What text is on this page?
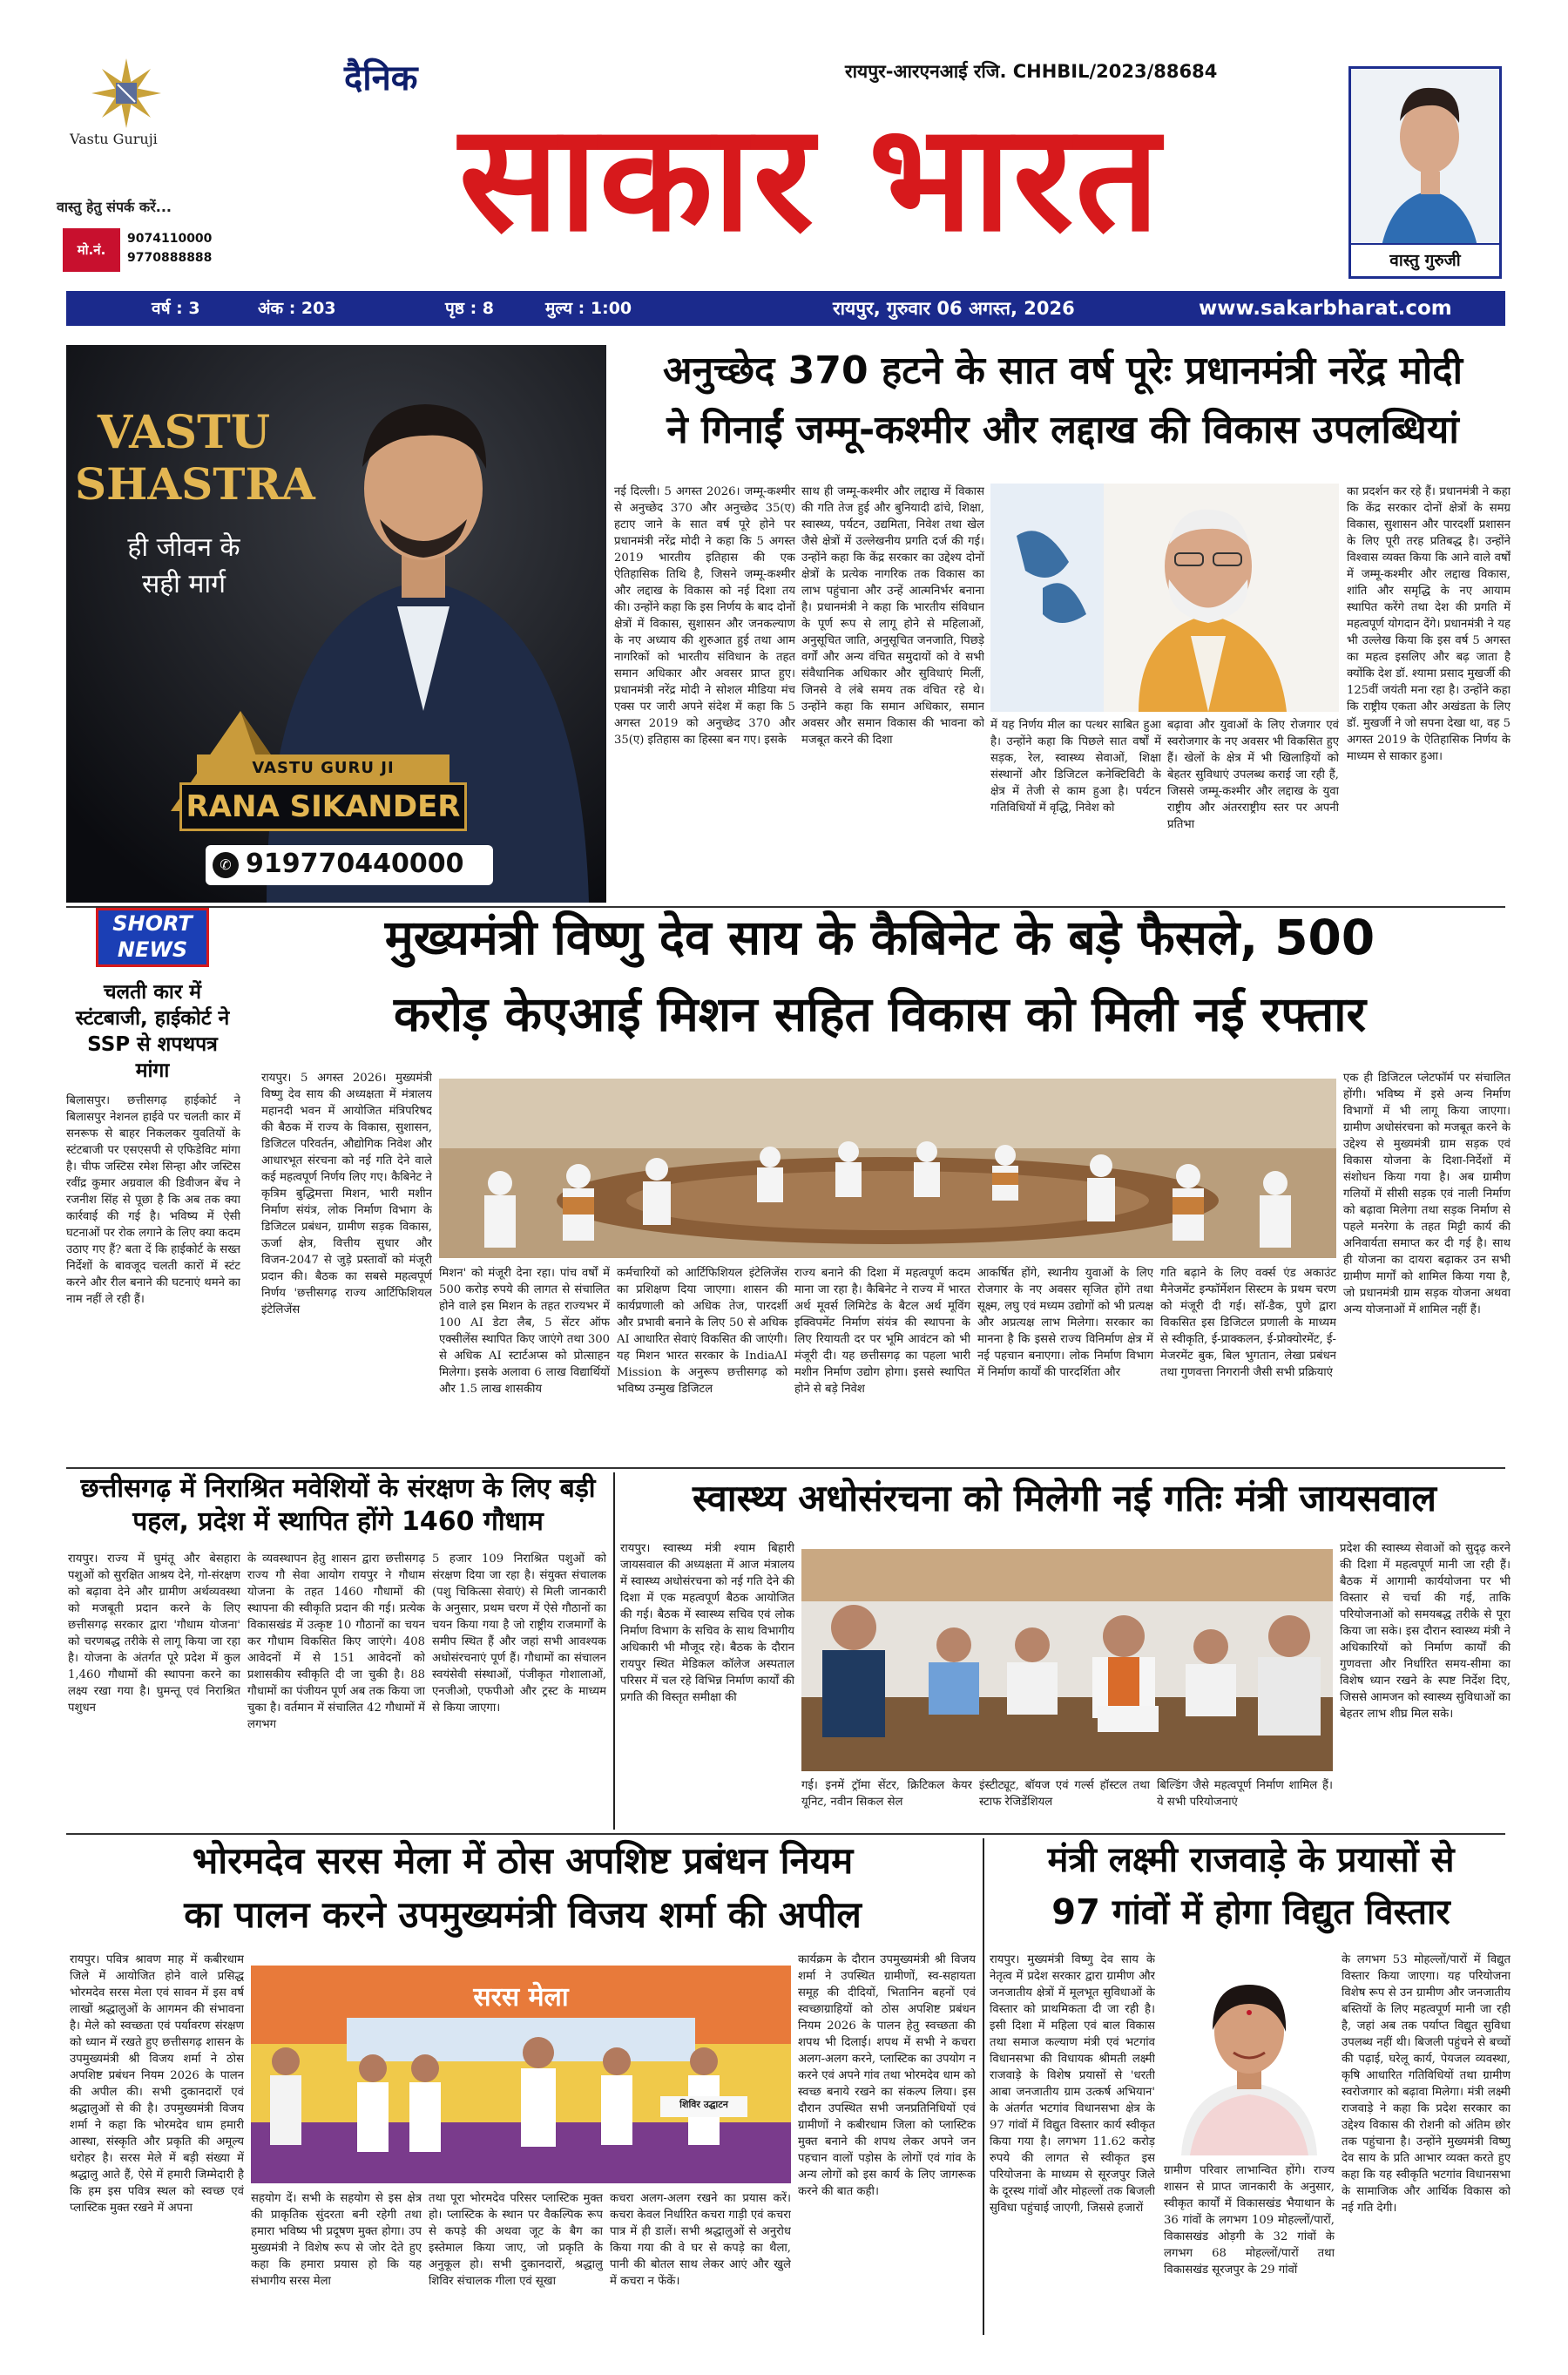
Vastu Guruji
वास्तु हेतु संपर्क करें...
मो.नं.
9074110000
9770888888
दैनिक
साकार भारत
रायपुर-आरएनआई रजि. CHHBIL/2023/88684
वास्तु गुरुजी
वर्ष : 3	अंक : 203	पृष्ठ : 8	मुल्य : 1:00	रायपुर, गुरुवार 06 अगस्त, 2026	www.sakarbharat.com
VASTU
SHASTRA
ही जीवन के
सही मार्ग
VASTU GURU JI
RANA SIKANDER
✆ 91977044000​0
अनुच्छेद 370 हटने के सात वर्ष पूरेः प्रधानमंत्री नरेंद्र मोदी
ने गिनाईं जम्मू-कश्मीर और लद्दाख की विकास उपलब्धियां
नई दिल्ली। 5 अगस्त 2026। जम्मू-कश्मीर से अनुच्छेद 370 और अनुच्छेद 35(ए) हटाए जाने के सात वर्ष पूरे होने पर प्रधानमंत्री नरेंद्र मोदी ने कहा कि 5 अगस्त 2019 भारतीय इतिहास की एक ऐतिहासिक तिथि है, जिसने जम्मू-कश्मीर और लद्दाख के विकास को नई दिशा तय की। उन्होंने कहा कि इस निर्णय के बाद दोनों क्षेत्रों में विकास, सुशासन और जनकल्याण के नए अध्याय की शुरुआत हुई तथा आम नागरिकों को भारतीय संविधान के तहत समान अधिकार और अवसर प्राप्त हुए। प्रधानमंत्री नरेंद्र मोदी ने सोशल मीडिया मंच एक्स पर जारी अपने संदेश में कहा कि 5 अगस्त 2019 को अनुच्छेद 370 और 35(ए) इतिहास का हिस्सा बन गए। इसके
साथ ही जम्मू-कश्मीर और लद्दाख में विकास की गति तेज हुई और बुनियादी ढांचे, शिक्षा, स्वास्थ्य, पर्यटन, उद्यमिता, निवेश तथा खेल जैसे क्षेत्रों में उल्लेखनीय प्रगति दर्ज की गई। उन्होंने कहा कि केंद्र सरकार का उद्देश्य दोनों क्षेत्रों के प्रत्येक नागरिक तक विकास का लाभ पहुंचाना और उन्हें आत्मनिर्भर बनाना है। प्रधानमंत्री ने कहा कि भारतीय संविधान के पूर्ण रूप से लागू होने से महिलाओं, अनुसूचित जाति, अनुसूचित जनजाति, पिछड़े वर्गों और अन्य वंचित समुदायों को वे सभी संवैधानिक अधिकार और सुविधाएं मिलीं, जिनसे वे लंबे समय तक वंचित रहे थे। उन्होंने कहा कि समान अधिकार, समान अवसर और समान विकास की भावना को मजबूत करने की दिशा
में यह निर्णय मील का पत्थर साबित हुआ है। उन्होंने कहा कि पिछले सात वर्षों में सड़क, रेल, स्वास्थ्य सेवाओं, शिक्षा संस्थानों और डिजिटल कनेक्टिविटी के क्षेत्र में तेजी से काम हुआ है। पर्यटन गतिविधियों में वृद्धि, निवेश को
बढ़ावा और युवाओं के लिए रोजगार एवं स्वरोजगार के नए अवसर भी विकसित हुए हैं। खेलों के क्षेत्र में भी खिलाड़ियों को बेहतर सुविधाएं उपलब्ध कराई जा रही हैं, जिससे जम्मू-कश्मीर और लद्दाख के युवा राष्ट्रीय और अंतरराष्ट्रीय स्तर पर अपनी प्रतिभा
का प्रदर्शन कर रहे हैं। प्रधानमंत्री ने कहा कि केंद्र सरकार दोनों क्षेत्रों के समग्र विकास, सुशासन और पारदर्शी प्रशासन के लिए पूरी तरह प्रतिबद्ध है। उन्होंने विश्वास व्यक्त किया कि आने वाले वर्षों में जम्मू-कश्मीर और लद्दाख विकास, शांति और समृद्धि के नए आयाम स्थापित करेंगे तथा देश की प्रगति में महत्वपूर्ण योगदान देंगे। प्रधानमंत्री ने यह भी उल्लेख किया कि इस वर्ष 5 अगस्त का महत्व इसलिए और बढ़ जाता है क्योंकि देश डॉ. श्यामा प्रसाद मुखर्जी की 125वीं जयंती मना रहा है। उन्होंने कहा कि राष्ट्रीय एकता और अखंडता के लिए डॉ. मुखर्जी ने जो सपना देखा था, वह 5 अगस्त 2019 के ऐतिहासिक निर्णय के माध्यम से साकार हुआ।
SHORT
NEWS
चलती कार में स्टंटबाजी, हाईकोर्ट ने SSP से शपथपत्र मांगा
बिलासपुर। छत्तीसगढ़ हाईकोर्ट ने बिलासपुर नेशनल हाईवे पर चलती कार में सनरूफ से बाहर निकलकर युवतियों के स्टंटबाजी पर एसएसपी से एफिडेविट मांगा है। चीफ जस्टिस रमेश सिन्हा और जस्टिस रवींद्र कुमार अग्रवाल की डिवीजन बेंच ने रजनीश सिंह से पूछा है कि अब तक क्या कार्रवाई की गई है। भविष्य में ऐसी घटनाओं पर रोक लगाने के लिए क्या कदम उठाए गए हैं? बता दें कि हाईकोर्ट के सख्त निर्देशों के बावजूद चलती कारों में स्टंट करने और रील बनाने की घटनाएं थमने का नाम नहीं ले रही हैं।
मुख्यमंत्री विष्णु देव साय के कैबिनेट के बड़े फैसले, 500
करोड़ केएआई मिशन सहित विकास को मिली नई रफ्तार
रायपुर। 5 अगस्त 2026। मुख्यमंत्री विष्णु देव साय की अध्यक्षता में मंत्रालय महानदी भवन में आयोजित मंत्रिपरिषद की बैठक में राज्य के विकास, सुशासन, डिजिटल परिवर्तन, औद्योगिक निवेश और आधारभूत संरचना को नई गति देने वाले कई महत्वपूर्ण निर्णय लिए गए। कैबिनेट ने कृत्रिम बुद्धिमत्ता मिशन, भारी मशीन निर्माण संयंत्र, लोक निर्माण विभाग के डिजिटल प्रबंधन, ग्रामीण सड़क विकास, ऊर्जा क्षेत्र, वित्तीय सुधार और विजन-2047 से जुड़े प्रस्तावों को मंजूरी प्रदान की। बैठक का सबसे महत्वपूर्ण निर्णय 'छत्तीसगढ़ राज्य आर्टिफिशियल इंटेलिजेंस
मिशन' को मंजूरी देना रहा। पांच वर्षों में 500 करोड़ रुपये की लागत से संचालित होने वाले इस मिशन के तहत राज्यभर में 100 AI डेटा लैब, 5 सेंटर ऑफ एक्सीलेंस स्थापित किए जाएंगे तथा 300 से अधिक AI स्टार्टअप्स को प्रोत्साहन मिलेगा। इसके अलावा 6 लाख विद्यार्थियों और 1.5 लाख शासकीय
कर्मचारियों को आर्टिफिशियल इंटेलिजेंस का प्रशिक्षण दिया जाएगा। शासन की कार्यप्रणाली को अधिक तेज, पारदर्शी और प्रभावी बनाने के लिए 50 से अधिक AI आधारित सेवाएं विकसित की जाएंगी। यह मिशन भारत सरकार के IndiaAI Mission के अनुरूप छत्तीसगढ़ को भविष्य उन्मुख डिजिटल
राज्य बनाने की दिशा में महत्वपूर्ण कदम माना जा रहा है। कैबिनेट ने राज्य में भारत अर्थ मूवर्स लिमिटेड के बैटल अर्थ मूविंग इक्विपमेंट निर्माण संयंत्र की स्थापना के लिए रियायती दर पर भूमि आवंटन को भी मंजूरी दी। यह छत्तीसगढ़ का पहला भारी मशीन निर्माण उद्योग होगा। इससे स्थापित होने से बड़े निवेश
आकर्षित होंगे, स्थानीय युवाओं के लिए रोजगार के नए अवसर सृजित होंगे तथा सूक्ष्म, लघु एवं मध्यम उद्योगों को भी प्रत्यक्ष और अप्रत्यक्ष लाभ मिलेगा। सरकार का मानना है कि इससे राज्य विनिर्माण क्षेत्र में नई पहचान बनाएगा। लोक निर्माण विभाग में निर्माण कार्यों की पारदर्शिता और
गति बढ़ाने के लिए वर्क्स एंड अकाउंट मैनेजमेंट इन्फॉर्मेशन सिस्टम के प्रथम चरण को मंजूरी दी गई। सॉ-डैक, पुणे द्वारा विकसित इस डिजिटल प्रणाली के माध्यम से स्वीकृति, ई-प्राक्कलन, ई-प्रोक्योरमेंट, ई-मेजरमेंट बुक, बिल भुगतान, लेखा प्रबंधन तथा गुणवत्ता निगरानी जैसी सभी प्रक्रियाएं
एक ही डिजिटल प्लेटफॉर्म पर संचालित होंगी। भविष्य में इसे अन्य निर्माण विभागों में भी लागू किया जाएगा। ग्रामीण अधोसंरचना को मजबूत करने के उद्देश्य से मुख्यमंत्री ग्राम सड़क एवं विकास योजना के दिशा-निर्देशों में संशोधन किया गया है। अब ग्रामीण गलियों में सीसी सड़क एवं नाली निर्माण को बढ़ावा मिलेगा तथा सड़क निर्माण से पहले मनरेगा के तहत मिट्टी कार्य की अनिवार्यता समाप्त कर दी गई है। साथ ही योजना का दायरा बढ़ाकर उन सभी ग्रामीण मार्गों को शामिल किया गया है, जो प्रधानमंत्री ग्राम सड़क योजना अथवा अन्य योजनाओं में शामिल नहीं हैं।
छत्तीसगढ़ में निराश्रित मवेशियों के संरक्षण के लिए बड़ी पहल, प्रदेश में स्थापित होंगे 1460 गौधाम
रायपुर। राज्य में घुमंतू और बेसहारा पशुओं को सुरक्षित आश्रय देने, गो-संरक्षण को बढ़ावा देने और ग्रामीण अर्थव्यवस्था को मजबूती प्रदान करने के लिए छत्तीसगढ़ सरकार द्वारा 'गौधाम योजना' को चरणबद्ध तरीके से लागू किया जा रहा है। योजना के अंतर्गत पूरे प्रदेश में कुल 1,460 गौधामों की स्थापना करने का लक्ष्य रखा गया है। घुमन्तू एवं निराश्रित पशुधन
के व्यवस्थापन हेतु शासन द्वारा छत्तीसगढ़ राज्य गौ सेवा आयोग रायपुर ने गौधाम योजना के तहत 1460 गौधामों की स्थापना की स्वीकृति प्रदान की गई। प्रत्येक विकासखंड में उत्कृष्ट 10 गौठानों का चयन कर गौधाम विकसित किए जाएंगे। 408 आवेदनों में से 151 आवेदनों को प्रशासकीय स्वीकृति दी जा चुकी है। 88 गौधामों का पंजीयन पूर्ण अब तक किया जा चुका है। वर्तमान में संचालित 42 गौधामों में लगभग
5 हजार 109 निराश्रित पशुओं को संरक्षण दिया जा रहा है। संयुक्त संचालक (पशु चिकित्सा सेवाएं) से मिली जानकारी के अनुसार, प्रथम चरण में ऐसे गौठानों का चयन किया गया है जो राष्ट्रीय राजमार्गों के समीप स्थित हैं और जहां सभी आवश्यक अधोसंरचनाएं पूर्ण हैं। गौधामों का संचालन स्वयंसेवी संस्थाओं, पंजीकृत गोशालाओं, एनजीओ, एफपीओ और ट्रस्ट के माध्यम से किया जाएगा।
स्वास्थ्य अधोसंरचना को मिलेगी नई गतिः मंत्री जायसवाल
रायपुर। स्वास्थ्य मंत्री श्याम बिहारी जायसवाल की अध्यक्षता में आज मंत्रालय में स्वास्थ्य अधोसंरचना को नई गति देने की दिशा में एक महत्वपूर्ण बैठक आयोजित की गई। बैठक में स्वास्थ्य सचिव एवं लोक निर्माण विभाग के सचिव के साथ विभागीय अधिकारी भी मौजूद रहे। बैठक के दौरान रायपुर स्थित मेडिकल कॉलेज अस्पताल परिसर में चल रहे विभिन्न निर्माण कार्यों की प्रगति की विस्तृत समीक्षा की
गई। इनमें ट्रॉमा सेंटर, क्रिटिकल केयर यूनिट, नवीन सिकल सेल
इंस्टीट्यूट, बॉयज एवं गर्ल्स हॉस्टल तथा स्टाफ रेजिडेंशियल
बिल्डिंग जैसे महत्वपूर्ण निर्माण शामिल हैं। ये सभी परियोजनाएं
प्रदेश की स्वास्थ्य सेवाओं को सुदृढ़ करने की दिशा में महत्वपूर्ण मानी जा रही हैं। बैठक में आगामी कार्ययोजना पर भी विस्तार से चर्चा की गई, ताकि परियोजनाओं को समयबद्ध तरीके से पूरा किया जा सके। इस दौरान स्वास्थ्य मंत्री ने अधिकारियों को निर्माण कार्यों की गुणवत्ता और निर्धारित समय-सीमा का विशेष ध्यान रखने के स्पष्ट निर्देश दिए, जिससे आमजन को स्वास्थ्य सुविधाओं का बेहतर लाभ शीघ्र मिल सके।
भोरमदेव सरस मेला में ठोस अपशिष्ट प्रबंधन नियम
का पालन करने उपमुख्यमंत्री विजय शर्मा की अपील
रायपुर। पवित्र श्रावण माह में कबीरधाम जिले में आयोजित होने वाले प्रसिद्ध भोरमदेव सरस मेला एवं सावन में इस वर्ष लाखों श्रद्धालुओं के आगमन की संभावना है। मेले को स्वच्छता एवं पर्यावरण संरक्षण को ध्यान में रखते हुए छत्तीसगढ़ शासन के उपमुख्यमंत्री श्री विजय शर्मा ने ठोस अपशिष्ट प्रबंधन नियम 2026 के पालन की अपील की। सभी दुकानदारों एवं श्रद्धालुओं से की है। उपमुख्यमंत्री विजय शर्मा ने कहा कि भोरमदेव धाम हमारी आस्था, संस्कृति और प्रकृति की अमूल्य धरोहर है। सरस मेले में बड़ी संख्या में श्रद्धालु आते हैं, ऐसे में हमारी जिम्मेदारी है कि हम इस पवित्र स्थल को स्वच्छ एवं प्लास्टिक मुक्त रखने में अपना
सरस मेला
शिविर उद्घाटन
सहयोग दें। सभी के सहयोग से इस क्षेत्र की प्राकृतिक सुंदरता बनी रहेगी तथा हमारा भविष्य भी प्रदूषण मुक्त होगा। उप मुख्यमंत्री ने विशेष रूप से जोर देते हुए कहा कि हमारा प्रयास हो कि यह संभागीय सरस मेला
तथा पूरा भोरमदेव परिसर प्लास्टिक मुक्त हो। प्लास्टिक के स्थान पर वैकल्पिक रूप से कपड़े की अथवा जूट के बैग का इस्तेमाल किया जाए, जो प्रकृति के अनुकूल हो। सभी दुकानदारों, श्रद्धालु शिविर संचालक गीला एवं सूखा
कचरा अलग-अलग रखने का प्रयास करें। कचरा केवल निर्धारित कचरा गाड़ी एवं कचरा पात्र में ही डालें। सभी श्रद्धालुओं से अनुरोध किया गया की वे घर से कपड़े का थैला, पानी की बोतल साथ लेकर आएं और खुले में कचरा न फेंकें।
कार्यक्रम के दौरान उपमुख्यमंत्री श्री विजय शर्मा ने उपस्थित ग्रामीणों, स्व-सहायता समूह की दीदियों, भितानिन बहनों एवं स्वच्छाग्राहियों को ठोस अपशिष्ट प्रबंधन नियम 2026 के पालन हेतु स्वच्छता की शपथ भी दिलाई। शपथ में सभी ने कचरा अलग-अलग करने, प्लास्टिक का उपयोग न करने एवं अपने गांव तथा भोरमदेव धाम को स्वच्छ बनाये रखने का संकल्प लिया। इस दौरान उपस्थित सभी जनप्रतिनिधियों एवं ग्रामीणों ने कबीरधाम जिला को प्लास्टिक मुक्त बनाने की शपथ लेकर अपने जन पहचान वालों पड़ोस के लोगों एवं गांव के अन्य लोगों को इस कार्य के लिए जागरूक करने की बात कही।
मंत्री लक्ष्मी राजवाड़े के प्रयासों से
97 गांवों में होगा विद्युत विस्तार
रायपुर। मुख्यमंत्री विष्णु देव साय के नेतृत्व में प्रदेश सरकार द्वारा ग्रामीण और जनजातीय क्षेत्रों में मूलभूत सुविधाओं के विस्तार को प्राथमिकता दी जा रही है। इसी दिशा में महिला एवं बाल विकास तथा समाज कल्याण मंत्री एवं भटगांव विधानसभा की विधायक श्रीमती लक्ष्मी राजवाड़े के विशेष प्रयासों से 'धरती आबा जनजातीय ग्राम उत्कर्ष अभियान' के अंतर्गत भटगांव विधानसभा क्षेत्र के 97 गांवों में विद्युत विस्तार कार्य स्वीकृत किया गया है। लगभग 11.62 करोड़ रुपये की लागत से स्वीकृत इस परियोजना के माध्यम से सूरजपुर जिले के दूरस्थ गांवों और मोहल्लों तक बिजली सुविधा पहुंचाई जाएगी, जिससे हजारों
ग्रामीण परिवार लाभान्वित होंगे। राज्य शासन से प्राप्त जानकारी के अनुसार, स्वीकृत कार्यों में विकासखंड भैयाथान के 36 गांवों के लगभग 109 मोहल्लों/पारों, विकासखंड ओड़गी के 32 गांवों के लगभग 68 मोहल्लों/पारों तथा विकासखंड सूरजपुर के 29 गांवों
के लगभग 53 मोहल्लों/पारों में विद्युत विस्तार किया जाएगा। यह परियोजना विशेष रूप से उन ग्रामीण और जनजातीय बस्तियों के लिए महत्वपूर्ण मानी जा रही है, जहां अब तक पर्याप्त विद्युत सुविधा उपलब्ध नहीं थी। बिजली पहुंचने से बच्चों की पढ़ाई, घरेलू कार्य, पेयजल व्यवस्था, कृषि आधारित गतिविधियों तथा ग्रामीण स्वरोजगार को बढ़ावा मिलेगा। मंत्री लक्ष्मी राजवाड़े ने कहा कि प्रदेश सरकार का उद्देश्य विकास की रोशनी को अंतिम छोर तक पहुंचाना है। उन्होंने मुख्यमंत्री विष्णु देव साय के प्रति आभार व्यक्त करते हुए कहा कि यह स्वीकृति भटगांव विधानसभा के सामाजिक और आर्थिक विकास को नई गति देगी।
